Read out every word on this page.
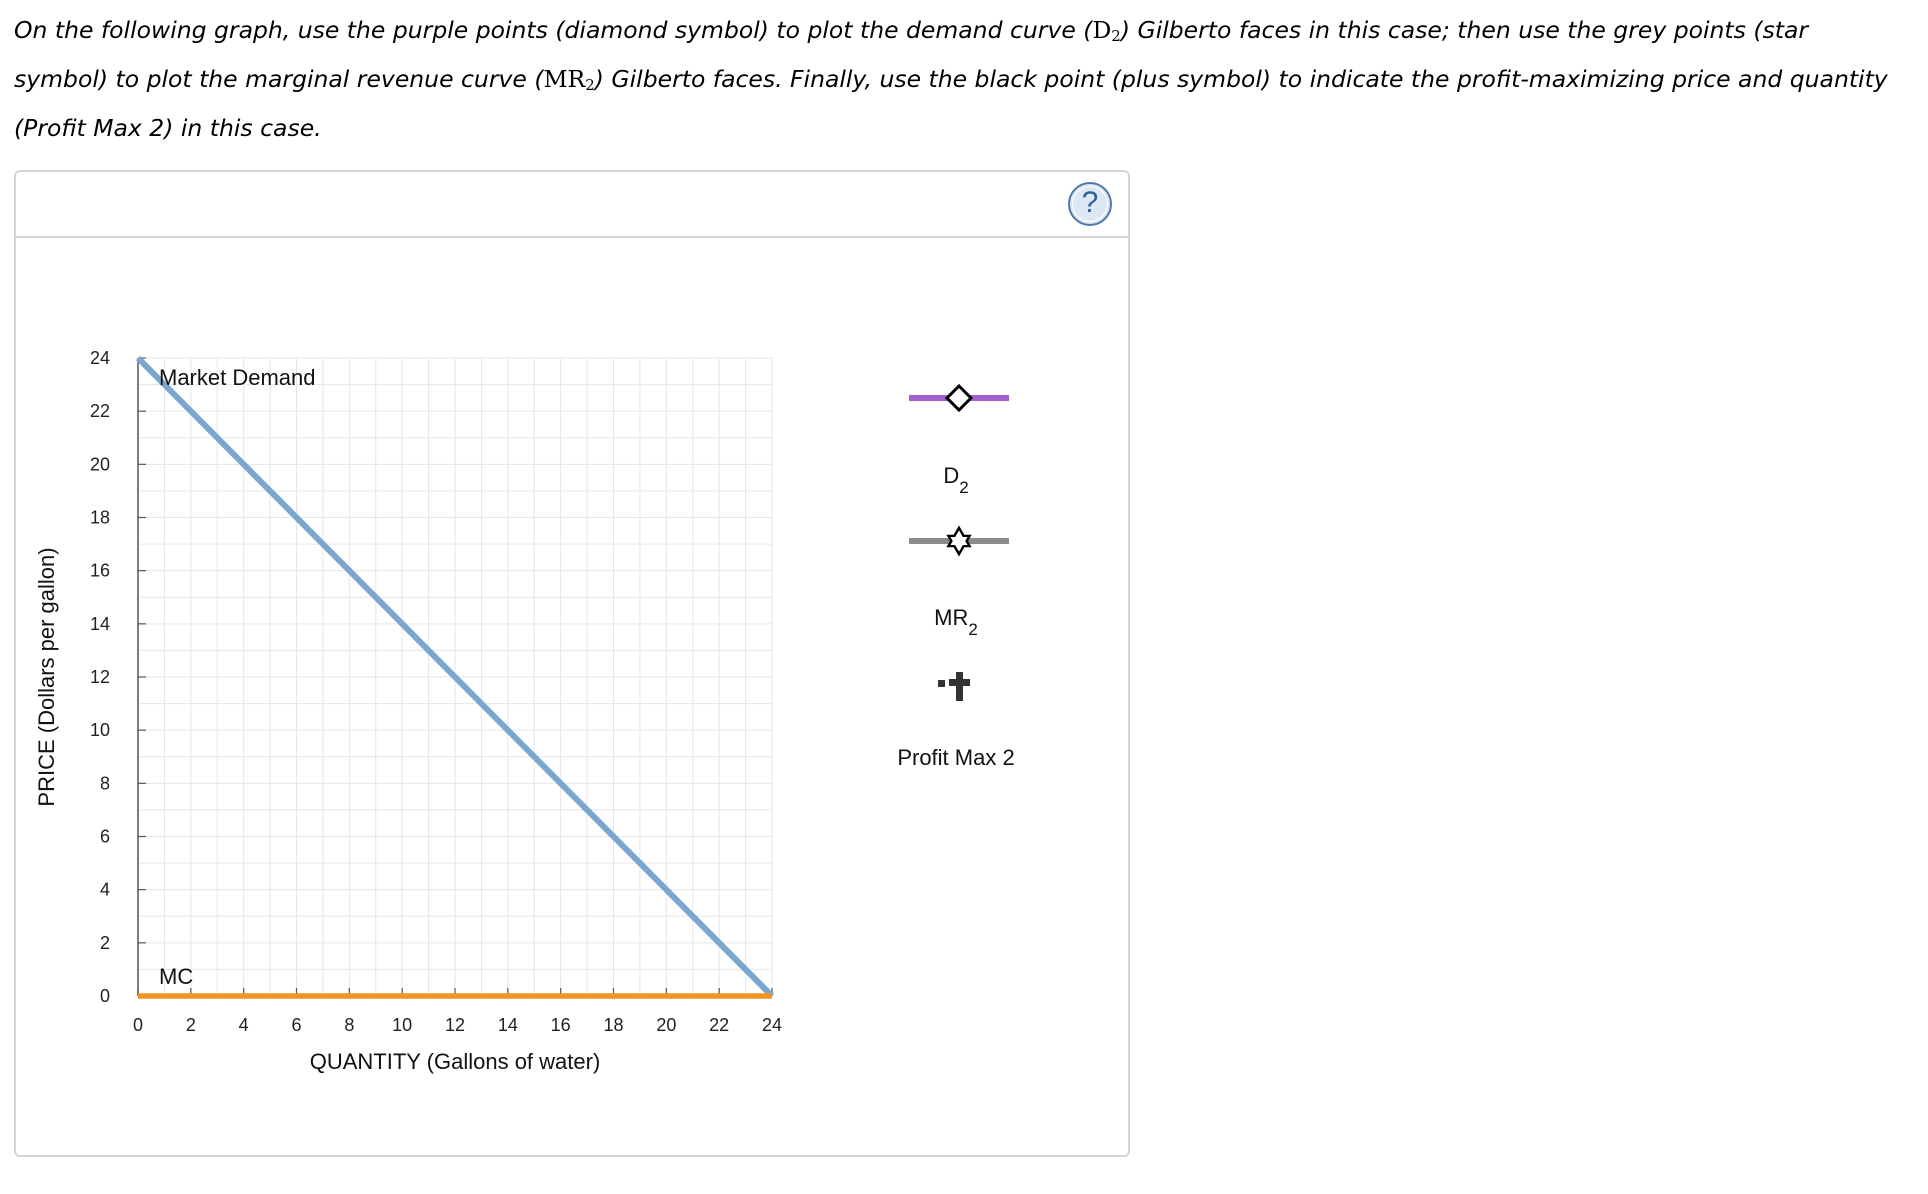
On the following graph, use the purple points (diamond symbol) to plot the demand curve $(D_2)$ Gilberto faces in this case; then use the grey points (star symbol) to plot the marginal revenue curve $(MR_2)$ Gilberto faces. Finally, use the black point (plus symbol) to indicate the profit-maximizing price and quantity (Profit Max 2) in this case.

?
Market Demand
MC
0
2
4
6
8
10
12
14
16
18
20
22
24
0 2 4 6 8 10 12 14 16 18 20 22 24
QUANTITY (Gallons of water)
PRICE (Dollars per gallon)
$D_2$
$MR_2$
Profit Max 2
